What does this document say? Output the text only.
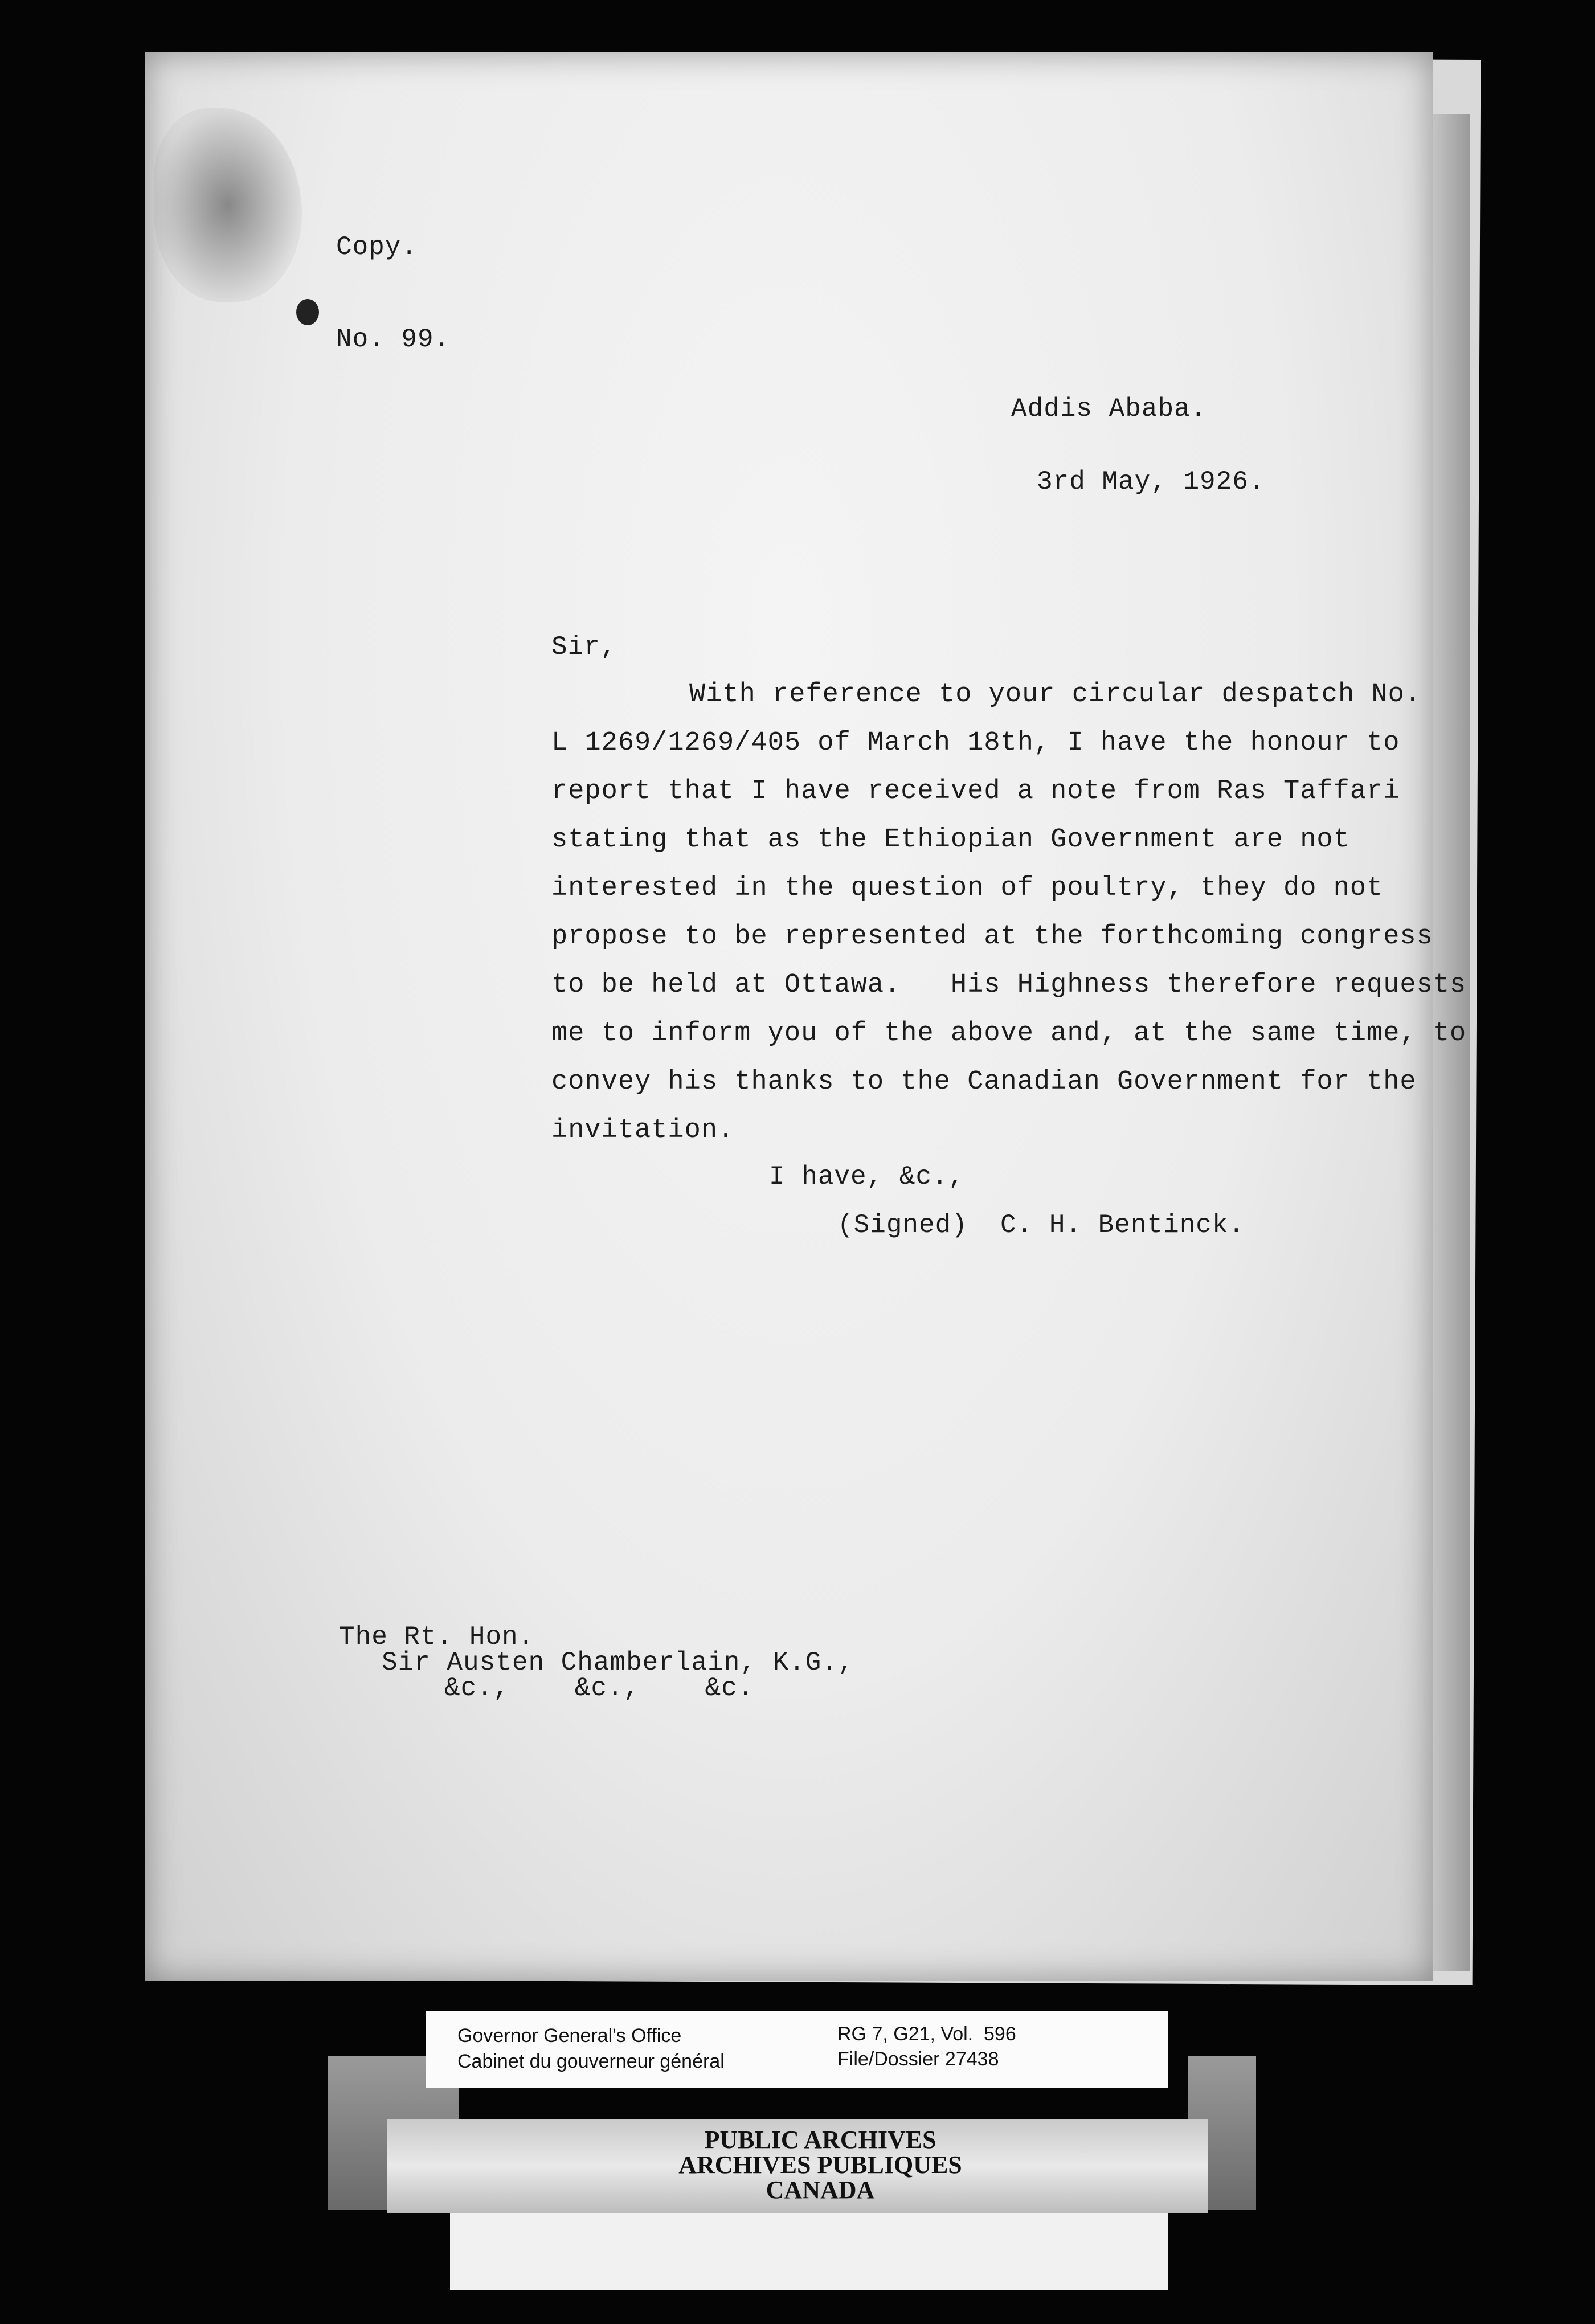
Copy.
No. 99.
Addis Ababa.
3rd May, 1926.
Sir,
With reference to your circular despatch No.
L 1269/1269/405 of March 18th, I have the honour to
report that I have received a note from Ras Taffari
stating that as the Ethiopian Government are not
interested in the question of poultry, they do not
propose to be represented at the forthcoming congress
to be held at Ottawa.   His Highness therefore requests
me to inform you of the above and, at the same time, to
convey his thanks to the Canadian Government for the
invitation.
I have, &c.,
(Signed)  C. H. Bentinck.
The Rt. Hon.
Sir Austen Chamberlain, K.G.,
&c.,    &c.,    &c.
Governor General's Office
Cabinet du gouverneur général
RG 7, G21, Vol.  596
File/Dossier 27438
PUBLIC ARCHIVES
ARCHIVES PUBLIQUES
CANADA
